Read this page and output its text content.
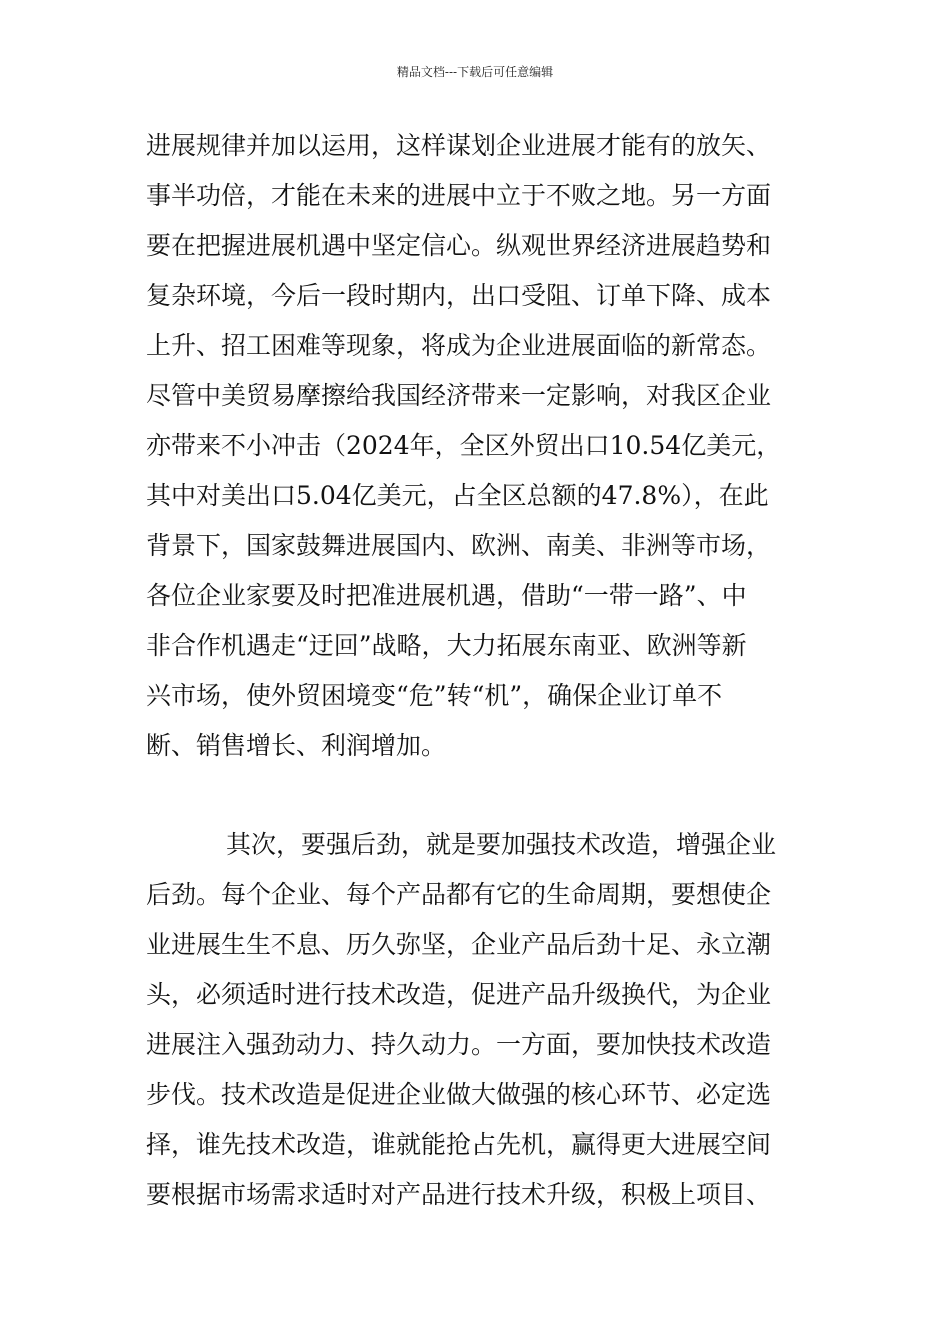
精品文档---下载后可任意编辑
进展规律并加以运用，这样谋划企业进展才能有的放矢、
事半功倍，才能在未来的进展中立于不败之地。另一方面
要在把握进展机遇中坚定信心。纵观世界经济进展趋势和
复杂环境，今后一段时期内，出口受阻、订单下降、成本
上升、招工困难等现象，将成为企业进展面临的新常态。
尽管中美贸易摩擦给我国经济带来一定影响，对我区企业
亦带来不小冲击（2024年，全区外贸出口10.54亿美元，
其中对美出口5.04亿美元，占全区总额的47.8%），在此
背景下，国家鼓舞进展国内、欧洲、南美、非洲等市场，
各位企业家要及时把准进展机遇，借助“一带一路”、中
非合作机遇走“迂回”战略，大力拓展东南亚、欧洲等新
兴市场，使外贸困境变“危”转“机”，确保企业订单不
断、销售增长、利润增加。
其次，要强后劲，就是要加强技术改造，增强企业
后劲。每个企业、每个产品都有它的生命周期，要想使企
业进展生生不息、历久弥坚，企业产品后劲十足、永立潮
头，必须适时进行技术改造，促进产品升级换代，为企业
进展注入强劲动力、持久动力。一方面，要加快技术改造
步伐。技术改造是促进企业做大做强的核心环节、必定选
择，谁先技术改造，谁就能抢占先机，赢得更大进展空间
要根据市场需求适时对产品进行技术升级，积极上项目、
